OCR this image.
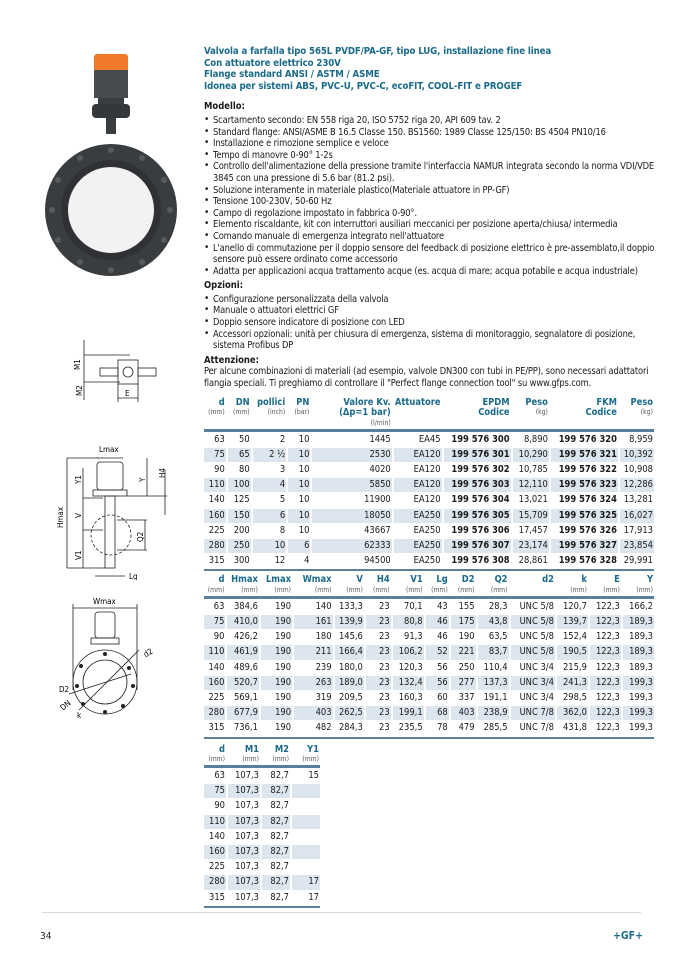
M1
M2	E
Lmax
Hmax
Y1	Y
H4
V
Q2
V1
Lg
Wmax
d2
D2
DN
k
Valvola a farfalla tipo 565L PVDF/PA-GF, tipo LUG, installazione fine linea
Con attuatore elettrico 230V
Flange standard ANSI / ASTM / ASME
Idonea per sistemi ABS, PVC-U, PVC-C, ecoFIT, COOL-FIT e PROGEF
Modello:
• Scartamento secondo: EN 558 riga 20, ISO 5752 riga 20, API 609 tav. 2
• Standard flange: ANSI/ASME B 16.5 Classe 150. BS1560: 1989 Classe 125/150: BS 4504 PN10/16
• Installazione e rimozione semplice e veloce
• Tempo di manovre 0-90° 1-2s
• Controllo dell'alimentazione della pressione tramite l'interfaccia NAMUR integrata secondo la norma VDI/VDE 3845 con una pressione di 5.6 bar (81.2 psi).
• Soluzione interamente in materiale plastico(Materiale attuatore in PP-GF)
• Tensione 100-230V, 50-60 Hz
• Campo di regolazione impostato in fabbrica 0-90°.
• Elemento riscaldante, kit con interruttori ausiliari meccanici per posizione aperta/chiusa/ intermedia
• Comando manuale di emergenza integrato nell'attuatore
• L'anello di commutazione per il doppio sensore del feedback di posizione elettrico è pre-assemblato,il doppio sensore può essere ordinato come accessorio
• Adatta per applicazioni acqua trattamento acque (es. acqua di mare; acqua potabile e acqua industriale)
Opzioni:
• Configurazione personalizzata della valvola
• Manuale o attuatori elettrici GF
• Doppio sensore indicatore di posizione con LED
• Accessori opzionali: unità per chiusura di emergenza, sistema di monitoraggio, segnalatore di posizione, sistema Profibus DP
Attenzione:
Per alcune combinazioni di materiali (ad esempio, valvole DN300 con tubi in PE/PP), sono necessari adattatori flangia speciali. Ti preghiamo di controllare il "Perfect flange connection tool" su www.gfps.com.
d
(mm)	DN
(mm)	pollici
(inch)	PN
(bar)	Valore Kv.
(Δp=1 bar)
(l/min)	Attuatore	EPDM
Codice	Peso
(kg)	FKM
Codice	Peso
(kg)

63	50	2	10	1445	EA45	199 576 300	8,890	199 576 320	8,959
75	65	2 ½	10	2530	EA120	199 576 301	10,290	199 576 321	10,392
90	80	3	10	4020	EA120	199 576 302	10,785	199 576 322	10,908
110	100	4	10	5850	EA120	199 576 303	12,110	199 576 323	12,286
140	125	5	10	11900	EA120	199 576 304	13,021	199 576 324	13,281
160	150	6	10	18050	EA250	199 576 305	15,709	199 576 325	16,027
225	200	8	10	43667	EA250	199 576 306	17,457	199 576 326	17,913
280	250	10	6	62333	EA250	199 576 307	23,174	199 576 327	23,854
315	300	12	4	94500	EA250	199 576 308	28,861	199 576 328	29,991

d
(mm)	Hmax
(mm)	Lmax
(mm)	Wmax
(mm)	V
(mm)	H4
(mm)	V1
(mm)	Lg
(mm)	D2
(mm)	Q2
(mm)	d2	k
(mm)	E
(mm)	Y
(mm)

63	384,6	190	140	133,3	23	70,1	43	155	28,3	UNC 5/8	120,7	122,3	166,2
75	410,0	190	161	139,9	23	80,8	46	175	43,8	UNC 5/8	139,7	122,3	189,3
90	426,2	190	180	145,6	23	91,3	46	190	63,5	UNC 5/8	152,4	122,3	189,3
110	461,9	190	211	166,4	23	106,2	52	221	83,7	UNC 5/8	190,5	122,3	189,3
140	489,6	190	239	180,0	23	120,3	56	250	110,4	UNC 3/4	215,9	122,3	189,3
160	520,7	190	263	189,0	23	132,4	56	277	137,3	UNC 3/4	241,3	122,3	199,3
225	569,1	190	319	209,5	23	160,3	60	337	191,1	UNC 3/4	298,5	122,3	199,3
280	677,9	190	403	262,5	23	199,1	68	403	238,9	UNC 7/8	362,0	122,3	199,3
315	736,1	190	482	284,3	23	235,5	78	479	285,5	UNC 7/8	431,8	122,3	199,3

d
(mm)	M1
(mm)	M2
(mm)	Y1
(mm)

63	107,3	82,7	15
75	107,3	82,7	
90	107,3	82,7	
110	107,3	82,7	
140	107,3	82,7	
160	107,3	82,7	
225	107,3	82,7	
280	107,3	82,7	17
315	107,3	82,7	17

34	+GF+
